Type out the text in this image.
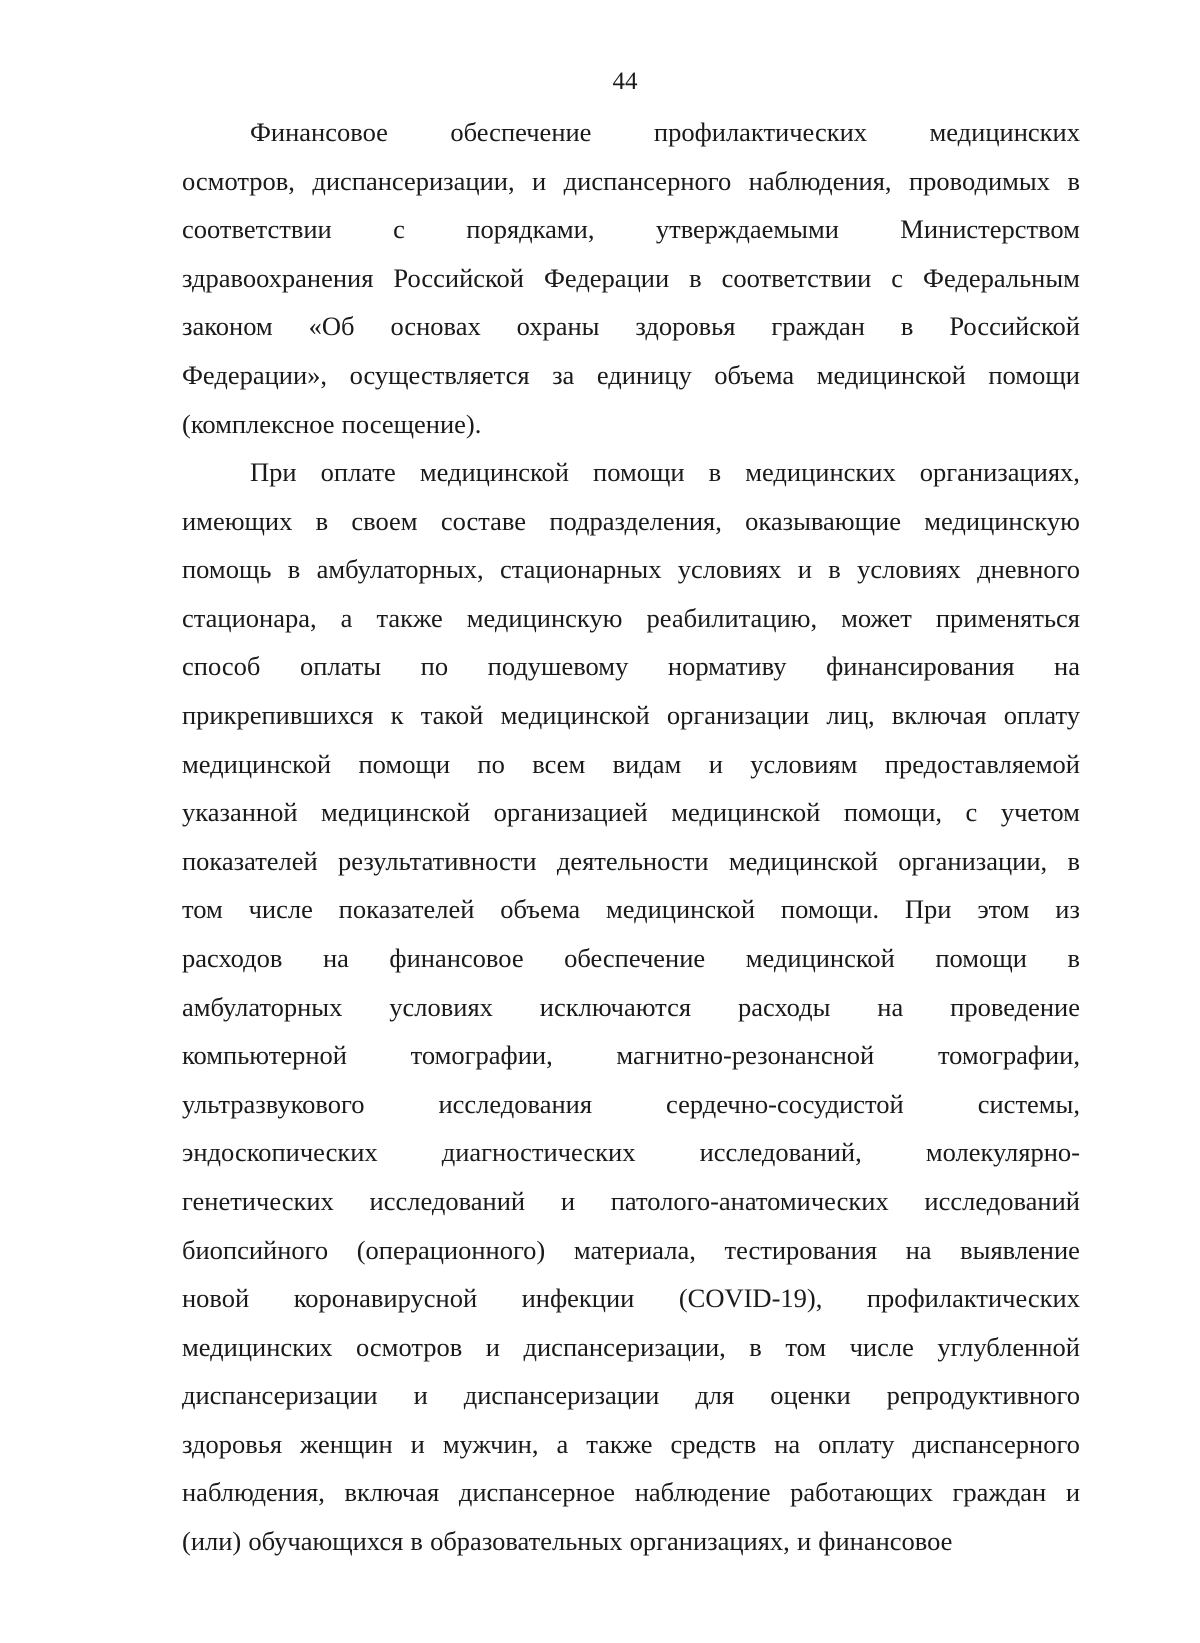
44
Финансовое обеспечение профилактических медицинских
осмотров, диспансеризации, и диспансерного наблюдения, проводимых в
соответствии с порядками, утверждаемыми Министерством
здравоохранения Российской Федерации в соответствии с Федеральным
законом «Об основах охраны здоровья граждан в Российской
Федерации», осуществляется за единицу объема медицинской помощи
(комплексное посещение).
При оплате медицинской помощи в медицинских организациях,
имеющих в своем составе подразделения, оказывающие медицинскую
помощь в амбулаторных, стационарных условиях и в условиях дневного
стационара, а также медицинскую реабилитацию, может применяться
способ оплаты по подушевому нормативу финансирования на
прикрепившихся к такой медицинской организации лиц, включая оплату
медицинской помощи по всем видам и условиям предоставляемой
указанной медицинской организацией медицинской помощи, с учетом
показателей результативности деятельности медицинской организации, в
том числе показателей объема медицинской помощи. При этом из
расходов на финансовое обеспечение медицинской помощи в
амбулаторных условиях исключаются расходы на проведение
компьютерной томографии, магнитно-резонансной томографии,
ультразвукового	исследования	сердечно-сосудистой	системы,
эндоскопических диагностических исследований, молекулярно-
генетических исследований и патолого-анатомических исследований
биопсийного (операционного) материала, тестирования на выявление
новой коронавирусной инфекции (COVID-19), профилактических
медицинских осмотров и диспансеризации, в том числе углубленной
диспансеризации и диспансеризации для оценки репродуктивного
здоровья женщин и мужчин, а также средств на оплату диспансерного
наблюдения, включая диспансерное наблюдение работающих граждан и
(или) обучающихся в образовательных организациях, и финансовое
